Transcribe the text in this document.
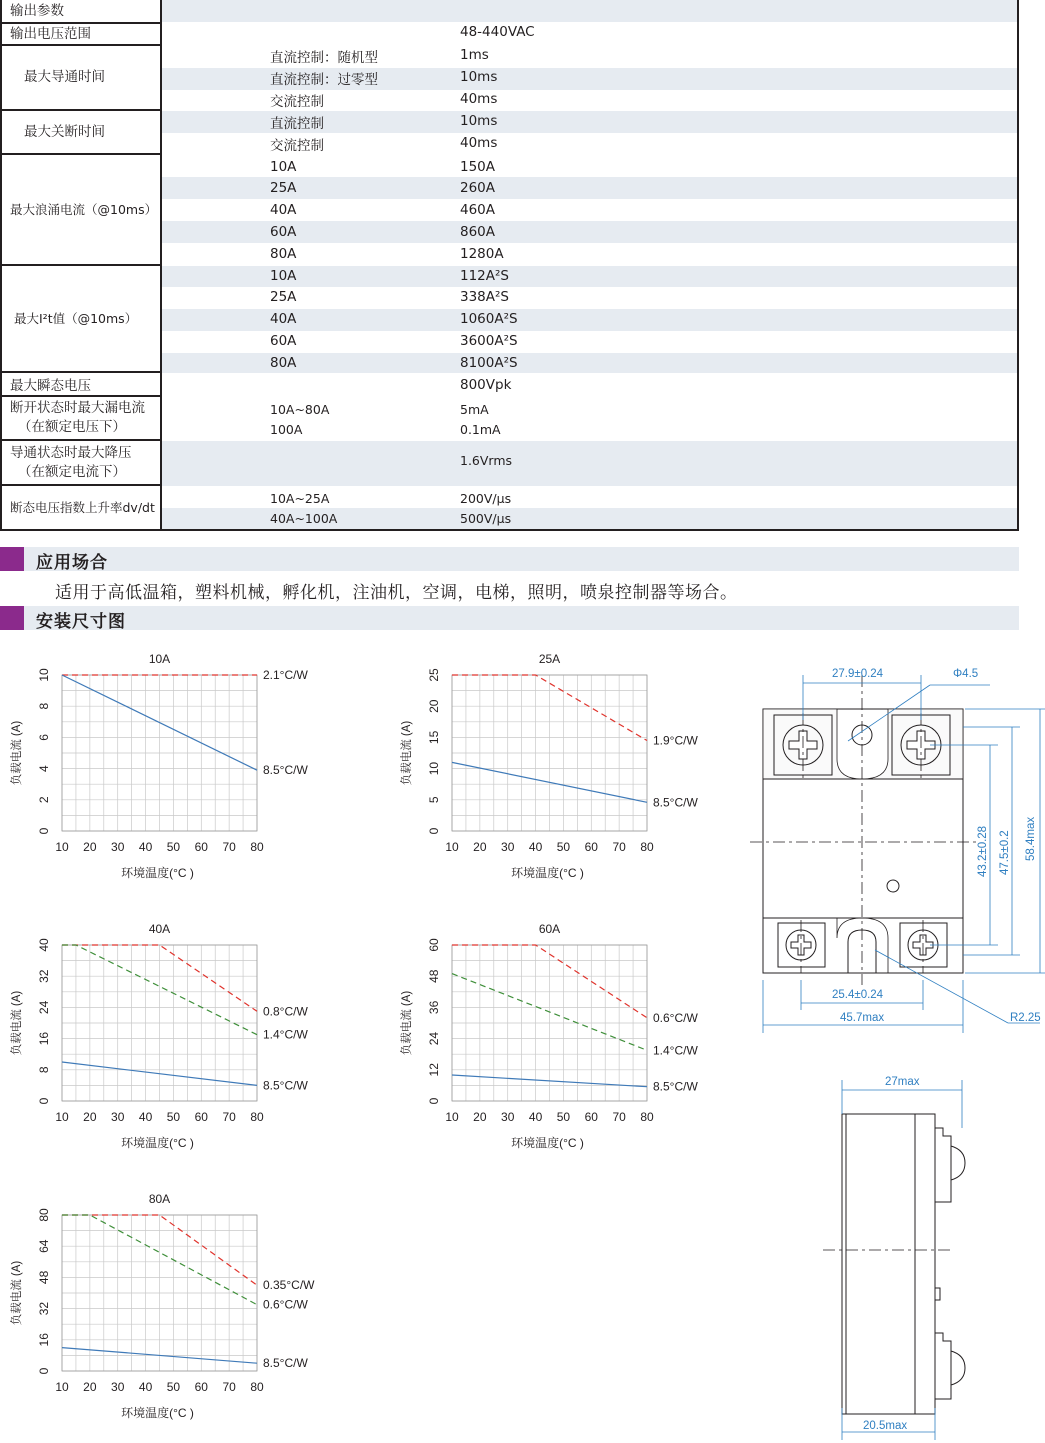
输出参数
输出电压范围	48-440VAC
最大导通时间
直流控制：随机型	1ms
直流控制：过零型	10ms
交流控制	40ms
最大关断时间	直流控制	10ms
交流控制	40ms
最大浪涌电流（@10ms）
10A	150A
25A	260A
40A	460A
60A	860A
80A	1280A
最大I²t值（@10ms）
10A	112A²S
25A	338A²S
40A	1060A²S
60A	3600A²S
80A	8100A²S
最大瞬态电压	800Vpk
断开状态时最大漏电流
（在额定电压下）
10A~80A	5mA
100A	0.1mA
导通状态时最大降压
（在额定电流下）
1.6Vrms
断态电压指数上升率dv/dt
10A~25A	200V/μs
40A~100A	500V/μs
应用场合
适用于高低温箱，塑料机械，孵化机，注油机，空调，电梯，照明，喷泉控制器等场合。
安装尺寸图
10A
10 20 30 40 50 60 70 80
0
2
4
6
8
10
环境温度(°C )
负载电流 (A)
2.1°C/W
8.5°C/W
25A
10 20 30 40 50 60 70 80
0
5
10
15
20
25
环境温度(°C )
负载电流 (A)	1.9°C/W
8.5°C/W
40A
10 20 30 40 50 60 70 80
0
8
16
24
32
40
环境温度(°C )
负载电流 (A)	0.8°C/W
1.4°C/W
8.5°C/W
60A
10 20 30 40 50 60 70 80
0
12
24
36
48
60
环境温度(°C )
负载电流 (A)	0.6°C/W
1.4°C/W
8.5°C/W
80A
10 20 30 40 50 60 70 80
0
16
32
48
64
80
环境温度(°C )
负载电流 (A)	0.35°C/W
0.6°C/W
8.5°C/W
27.9±0.24	Φ4.5
43.2±0.28 47.5±0.2 58.4max
25.4±0.24
45.7max	R2.25
27max
20.5max
